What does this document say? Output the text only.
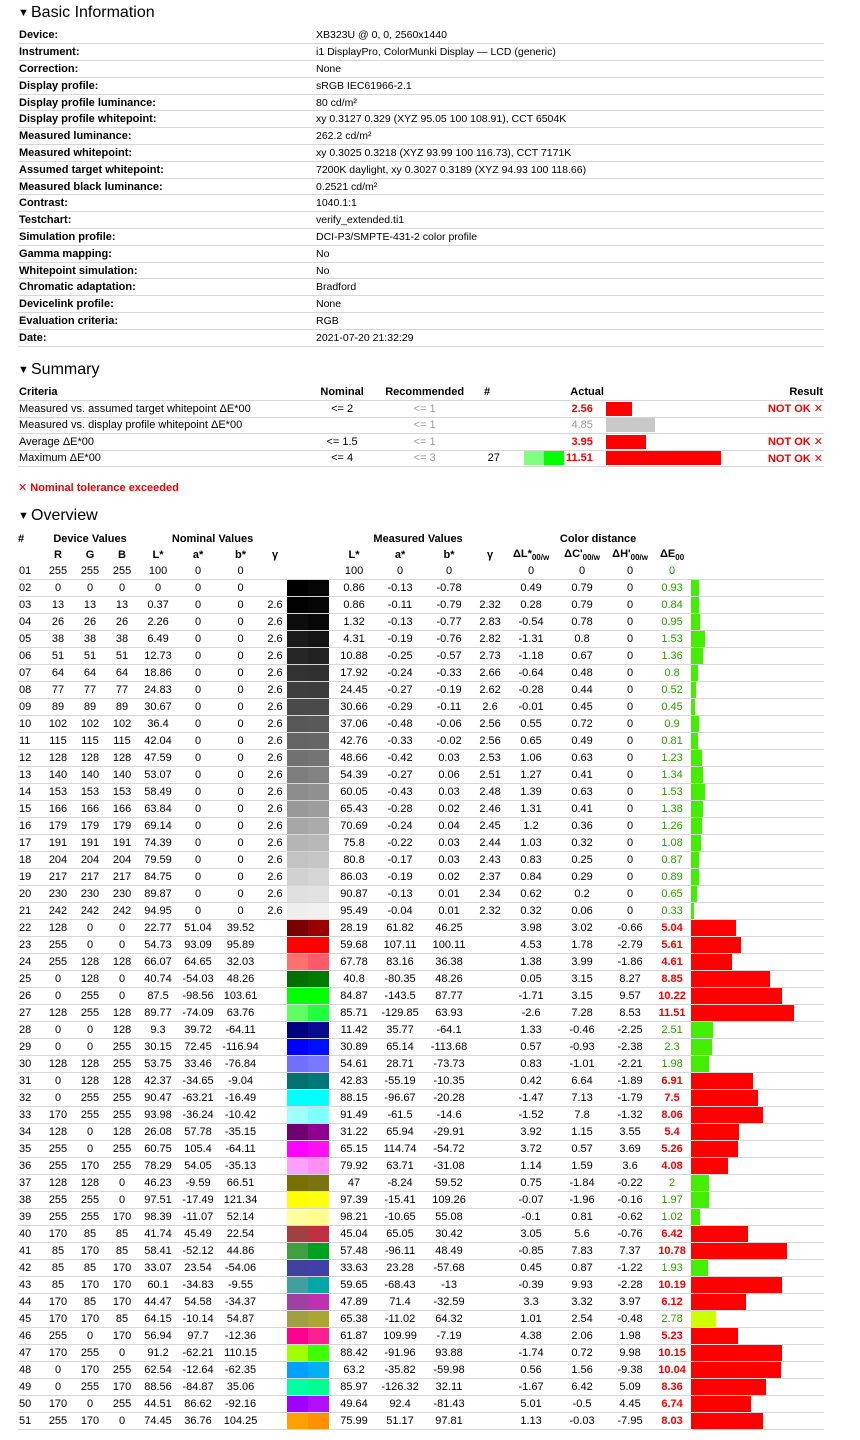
▼ Basic Information
Device:	XB323U @ 0, 0, 2560x1440
Instrument:	i1 DisplayPro, ColorMunki Display — LCD (generic)
Correction:	None
Display profile:	sRGB IEC61966-2.1
Display profile luminance:	80 cd/m²
Display profile whitepoint:	xy 0.3127 0.329 (XYZ 95.05 100 108.91), CCT 6504K
Measured luminance:	262.2 cd/m²
Measured whitepoint:	xy 0.3025 0.3218 (XYZ 93.99 100 116.73), CCT 7171K
Assumed target whitepoint:	7200K daylight, xy 0.3027 0.3189 (XYZ 94.93 100 118.66)
Measured black luminance:	0.2521 cd/m²
Contrast:	1040.1:1
Testchart:	verify_extended.ti1
Simulation profile:	DCI-P3/SMPTE-431-2 color profile
Gamma mapping:	No
Whitepoint simulation:	No
Chromatic adaptation:	Bradford
Devicelink profile:	None
Evaluation criteria:	RGB
Date:	2021-07-20 21:32:29
▼ Summary
Criteria	Nominal	Recommended	#	Actual			Result
Measured vs. assumed target whitepoint ΔE*00	<= 2	<= 1			2.56		NOT OK ✕
Measured vs. display profile whitepoint ΔE*00		<= 1			4.85		
Average ΔE*00	<= 1.5	<= 1			3.95		NOT OK ✕
Maximum ΔE*00	<= 4	<= 3	27		11.51		NOT OK ✕
✕ Nominal tolerance exceeded
▼ Overview
#	Device Values			Nominal Values					Measured Values				Color distance				
	R	G	B	L*	a*	b*	γ		L*	a*	b*	γ	$\Delta L*_{00/w}$	$\Delta C'_{00/w}$	$\Delta H'_{00/w}$	$\Delta E_{00}$	
01	255	255	255	100	0	0			100	0	0		0	0	0	0	
02	0	0	0	0	0	0			0.86	-0.13	-0.78		0.49	0.79	0	0.93	
03	13	13	13	0.37	0	0	2.6		0.86	-0.11	-0.79	2.32	0.28	0.79	0	0.84	
04	26	26	26	2.26	0	0	2.6		1.32	-0.13	-0.77	2.83	-0.54	0.78	0	0.95	
05	38	38	38	6.49	0	0	2.6		4.31	-0.19	-0.76	2.82	-1.31	0.8	0	1.53	
06	51	51	51	12.73	0	0	2.6		10.88	-0.25	-0.57	2.73	-1.18	0.67	0	1.36	
07	64	64	64	18.86	0	0	2.6		17.92	-0.24	-0.33	2.66	-0.64	0.48	0	0.8	
08	77	77	77	24.83	0	0	2.6		24.45	-0.27	-0.19	2.62	-0.28	0.44	0	0.52	
09	89	89	89	30.67	0	0	2.6		30.66	-0.29	-0.11	2.6	-0.01	0.45	0	0.45	
10	102	102	102	36.4	0	0	2.6		37.06	-0.48	-0.06	2.56	0.55	0.72	0	0.9	
11	115	115	115	42.04	0	0	2.6		42.76	-0.33	-0.02	2.56	0.65	0.49	0	0.81	
12	128	128	128	47.59	0	0	2.6		48.66	-0.42	0.03	2.53	1.06	0.63	0	1.23	
13	140	140	140	53.07	0	0	2.6		54.39	-0.27	0.06	2.51	1.27	0.41	0	1.34	
14	153	153	153	58.49	0	0	2.6		60.05	-0.43	0.03	2.48	1.39	0.63	0	1.53	
15	166	166	166	63.84	0	0	2.6		65.43	-0.28	0.02	2.46	1.31	0.41	0	1.38	
16	179	179	179	69.14	0	0	2.6		70.69	-0.24	0.04	2.45	1.2	0.36	0	1.26	
17	191	191	191	74.39	0	0	2.6		75.8	-0.22	0.03	2.44	1.03	0.32	0	1.08	
18	204	204	204	79.59	0	0	2.6		80.8	-0.17	0.03	2.43	0.83	0.25	0	0.87	
19	217	217	217	84.75	0	0	2.6		86.03	-0.19	0.02	2.37	0.84	0.29	0	0.89	
20	230	230	230	89.87	0	0	2.6		90.87	-0.13	0.01	2.34	0.62	0.2	0	0.65	
21	242	242	242	94.95	0	0	2.6		95.49	-0.04	0.01	2.32	0.32	0.06	0	0.33	
22	128	0	0	22.77	51.04	39.52			28.19	61.82	46.25		3.98	3.02	-0.66	5.04	
23	255	0	0	54.73	93.09	95.89			59.68	107.11	100.11		4.53	1.78	-2.79	5.61	
24	255	128	128	66.07	64.65	32.03			67.78	83.16	36.38		1.38	3.99	-1.86	4.61	
25	0	128	0	40.74	-54.03	48.26			40.8	-80.35	48.26		0.05	3.15	8.27	8.85	
26	0	255	0	87.5	-98.56	103.61			84.87	-143.5	87.77		-1.71	3.15	9.57	10.22	
27	128	255	128	89.77	-74.09	63.76			85.71	-129.85	63.93		-2.6	7.28	8.53	11.51	
28	0	0	128	9.3	39.72	-64.11			11.42	35.77	-64.1		1.33	-0.46	-2.25	2.51	
29	0	0	255	30.15	72.45	-116.94			30.89	65.14	-113.68		0.57	-0.93	-2.38	2.3	
30	128	128	255	53.75	33.46	-76.84			54.61	28.71	-73.73		0.83	-1.01	-2.21	1.98	
31	0	128	128	42.37	-34.65	-9.04			42.83	-55.19	-10.35		0.42	6.64	-1.89	6.91	
32	0	255	255	90.47	-63.21	-16.49			88.15	-96.67	-20.28		-1.47	7.13	-1.79	7.5	
33	170	255	255	93.98	-36.24	-10.42			91.49	-61.5	-14.6		-1.52	7.8	-1.32	8.06	
34	128	0	128	26.08	57.78	-35.15			31.22	65.94	-29.91		3.92	1.15	3.55	5.4	
35	255	0	255	60.75	105.4	-64.11			65.15	114.74	-54.72		3.72	0.57	3.69	5.26	
36	255	170	255	78.29	54.05	-35.13			79.92	63.71	-31.08		1.14	1.59	3.6	4.08	
37	128	128	0	46.23	-9.59	66.51			47	-8.24	59.52		0.75	-1.84	-0.22	2	
38	255	255	0	97.51	-17.49	121.34			97.39	-15.41	109.26		-0.07	-1.96	-0.16	1.97	
39	255	255	170	98.39	-11.07	52.14			98.21	-10.65	55.08		-0.1	0.81	-0.62	1.02	
40	170	85	85	41.74	45.49	22.54			45.04	65.05	30.42		3.05	5.6	-0.76	6.42	
41	85	170	85	58.41	-52.12	44.86			57.48	-96.11	48.49		-0.85	7.83	7.37	10.78	
42	85	85	170	33.07	23.54	-54.06			33.63	23.28	-57.68		0.45	0.87	-1.22	1.93	
43	85	170	170	60.1	-34.83	-9.55			59.65	-68.43	-13		-0.39	9.93	-2.28	10.19	
44	170	85	170	44.47	54.58	-34.37			47.89	71.4	-32.59		3.3	3.32	3.97	6.12	
45	170	170	85	64.15	-10.14	54.87			65.38	-11.02	64.32		1.01	2.54	-0.48	2.78	
46	255	0	170	56.94	97.7	-12.36			61.87	109.99	-7.19		4.38	2.06	1.98	5.23	
47	170	255	0	91.2	-62.21	110.15			88.42	-91.96	93.88		-1.74	0.72	9.98	10.15	
48	0	170	255	62.54	-12.64	-62.35			63.2	-35.82	-59.98		0.56	1.56	-9.38	10.04	
49	0	255	170	88.56	-84.87	35.06			85.97	-126.32	32.11		-1.67	6.42	5.09	8.36	
50	170	0	255	44.51	86.62	-92.16			49.64	92.4	-81.43		5.01	-0.5	4.45	6.74	
51	255	170	0	74.45	36.76	104.25			75.99	51.17	97.81		1.13	-0.03	-7.95	8.03	
